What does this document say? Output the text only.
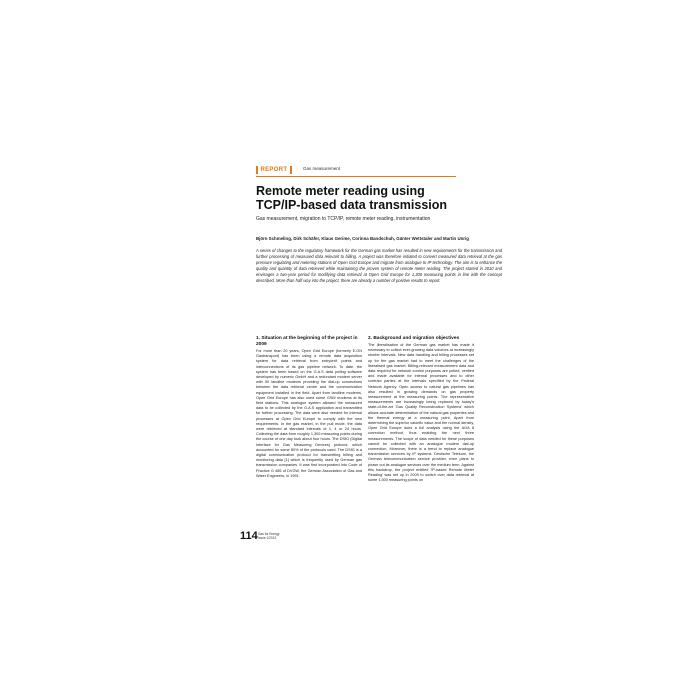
REPORT	Gas measurement
Remote meter reading using
TCP/IP-based data transmission
Gas measurement, migration to TCP/IP, remote meter reading, instrumentation
Björn Schmeling, Dirk Schäfer, Klaus Gerime, Corinna Bandschuh, Gänter Wettstaler and Martin Unrig
A series of changes to the regulatory framework for the German gas market has resulted in new requirements for the transmission and further processing of measured data relevant to billing. A project was therefore initiated to convert measured data retrieval at the gas pressure regulating and metering stations of Open Grid Europe and migrate from analogue to IP technology. The aim is to enhance the quality and quantity of data retrieved while maintaining the proven system of remote meter reading. The project started in 2010 and envisages a two-year period for modifying data retrieval at Open Grid Europe for 1,300 measuring points in line with the concept described. More than half way into the project, there are already a number of positive results to report.
1. Situation at the beginning of the project in 2009

For more than 20 years, Open Grid Europe (formerly E.ON Gastransport) has been using a remote data acquisition system for data retrieval from entry/exit points and interconnections of its gas pipeline network. To date, the system has been based on the G.A.S data polling software developed by numeric GmbH and a redundant modem server with 50 landline modems providing the dial-up connections between the data retrieval centre and the communication equipment installed in the field. Apart from landline modems, Open Grid Europe has also used some GSM modems at its field stations. This analogue system allowed the measured data to be collected by the G.A.S application and transmitted for further processing. The data were also needed for internal processes at Open Grid Europe to comply with the new requirements. In the gas market, in the pull mode, the data were retrieved at standard intervals of 1, 4 or 24 hours. Collecting the data from roughly 1,300 measuring points during the course of one day took about four hours. The DSfG (Digital Interface for Gas Measuring Devices) protocol, which accounted for some 80% of the protocols used. The DSfG is a digital communication protocol for transmitting billing and monitoring data [1] which is frequently used by German gas transmission companies. It was first incorporated into Code of Practice G 485 of DVGW, the German Association of Gas and Water Engineers, in 1991.

2. Background and migration objectives

The liberalisation of the German gas market has made it necessary to collect ever-growing data volumes at increasingly shorter intervals. New data handling and billing processes set up for the gas market had to meet the challenges of the liberalised gas market. Billing-relevant measurement data and data required for network control purposes are polled, verified and made available for internal processes and to other contract parties at the intervals specified by the Federal Network Agency. Open access to natural gas pipelines has also resulted in growing demands on gas property measurement at the measuring points. The representative measurements are increasingly being replaced by today's state-of-the-art 'Gas Quality Reconstruction Systems' which allows accurate determination of the natural gas properties and the thermal energy at a measuring point. Apart from determining the superior calorific value and the normal density, Open Grid Europe does a full analysis using the AGA 8 correction method, thus enabling the next three measurements. The scope of data needed for these purposes cannot be collected with an analogue modem dial-up connection. Moreover, there is a trend to replace analogue transmission services by IP systems. Deutsche Telekom, the German telecommunication service provider, even plans to phase out its analogue services over the medium term. Against this backdrop, the project entitled 'IP-based Remote Meter Reading' was set up in 2009 to switch over data retrieval at some 1,300 measuring points on

114 Gas for Energy
Issue 1/2013
